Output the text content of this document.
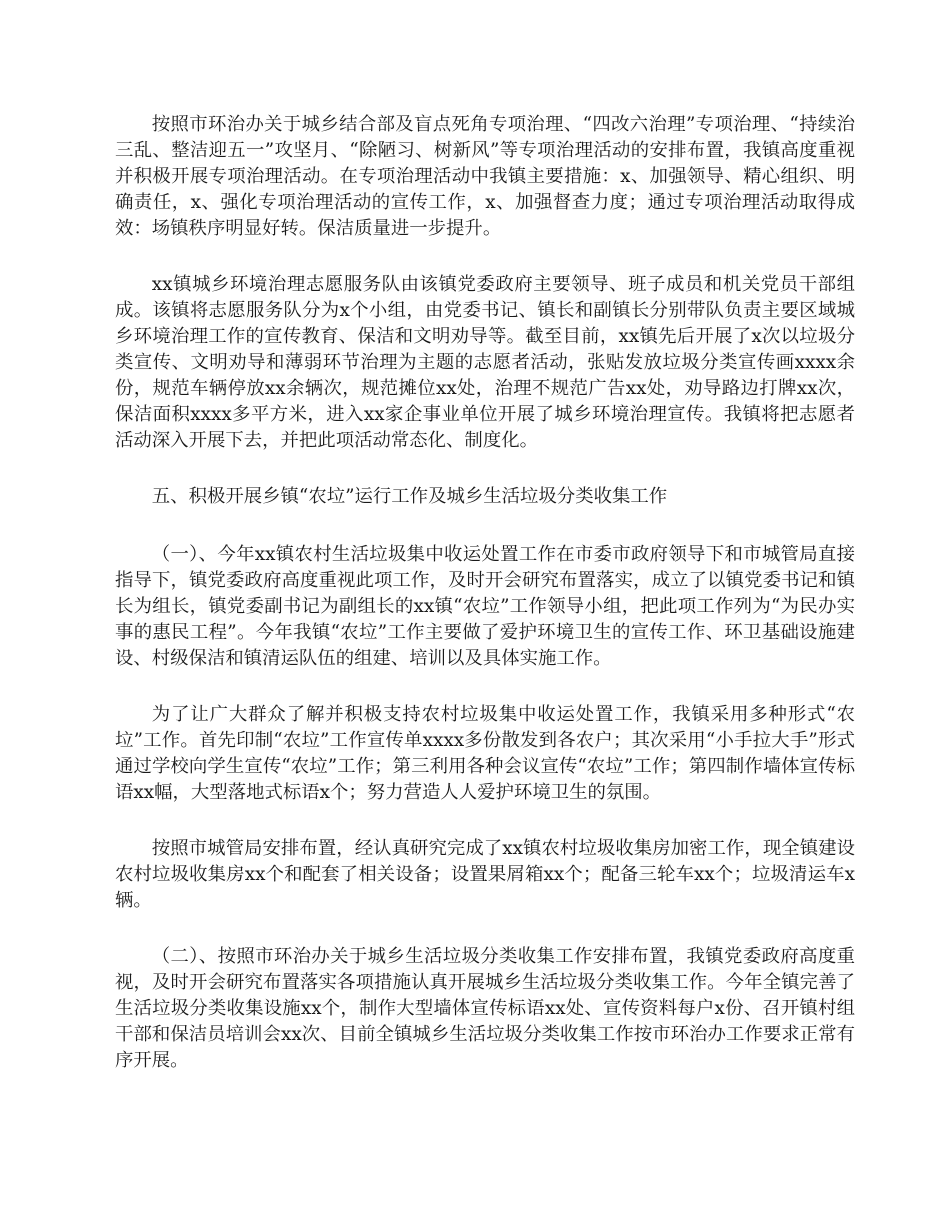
按照市环治办关于城乡结合部及盲点死角专项治理、“四改六治理”专项治理、“持续治三乱、整洁迎五一”攻坚月、“除陋习、树新风”等专项治理活动的安排布置，我镇高度重视并积极开展专项治理活动。在专项治理活动中我镇主要措施：x、加强领导、精心组织、明确责任，x、强化专项治理活动的宣传工作，x、加强督查力度；通过专项治理活动取得成效：场镇秩序明显好转。保洁质量进一步提升。

xx镇城乡环境治理志愿服务队由该镇党委政府主要领导、班子成员和机关党员干部组成。该镇将志愿服务队分为x个小组，由党委书记、镇长和副镇长分别带队负责主要区域城乡环境治理工作的宣传教育、保洁和文明劝导等。截至目前，xx镇先后开展了x次以垃圾分类宣传、文明劝导和薄弱环节治理为主题的志愿者活动，张贴发放垃圾分类宣传画xxxx余份，规范车辆停放xx余辆次，规范摊位xx处，治理不规范广告xx处，劝导路边打牌xx次，保洁面积xxxx多平方米，进入xx家企事业单位开展了城乡环境治理宣传。我镇将把志愿者活动深入开展下去，并把此项活动常态化、制度化。

五、积极开展乡镇“农垃”运行工作及城乡生活垃圾分类收集工作

（一）、今年xx镇农村生活垃圾集中收运处置工作在市委市政府领导下和市城管局直接指导下，镇党委政府高度重视此项工作，及时开会研究布置落实，成立了以镇党委书记和镇长为组长，镇党委副书记为副组长的xx镇“农垃”工作领导小组，把此项工作列为“为民办实事的惠民工程”。今年我镇“农垃”工作主要做了爱护环境卫生的宣传工作、环卫基础设施建设、村级保洁和镇清运队伍的组建、培训以及具体实施工作。

为了让广大群众了解并积极支持农村垃圾集中收运处置工作，我镇采用多种形式“农垃”工作。首先印制“农垃”工作宣传单xxxx多份散发到各农户；其次采用“小手拉大手”形式通过学校向学生宣传“农垃”工作；第三利用各种会议宣传“农垃”工作；第四制作墙体宣传标语xx幅，大型落地式标语x个；努力营造人人爱护环境卫生的氛围。

按照市城管局安排布置，经认真研究完成了xx镇农村垃圾收集房加密工作，现全镇建设农村垃圾收集房xx个和配套了相关设备；设置果屑箱xx个；配备三轮车xx个；垃圾清运车x辆。

（二）、按照市环治办关于城乡生活垃圾分类收集工作安排布置，我镇党委政府高度重视，及时开会研究布置落实各项措施认真开展城乡生活垃圾分类收集工作。今年全镇完善了生活垃圾分类收集设施xx个，制作大型墙体宣传标语xx处、宣传资料每户x份、召开镇村组干部和保洁员培训会xx次、目前全镇城乡生活垃圾分类收集工作按市环治办工作要求正常有序开展。
